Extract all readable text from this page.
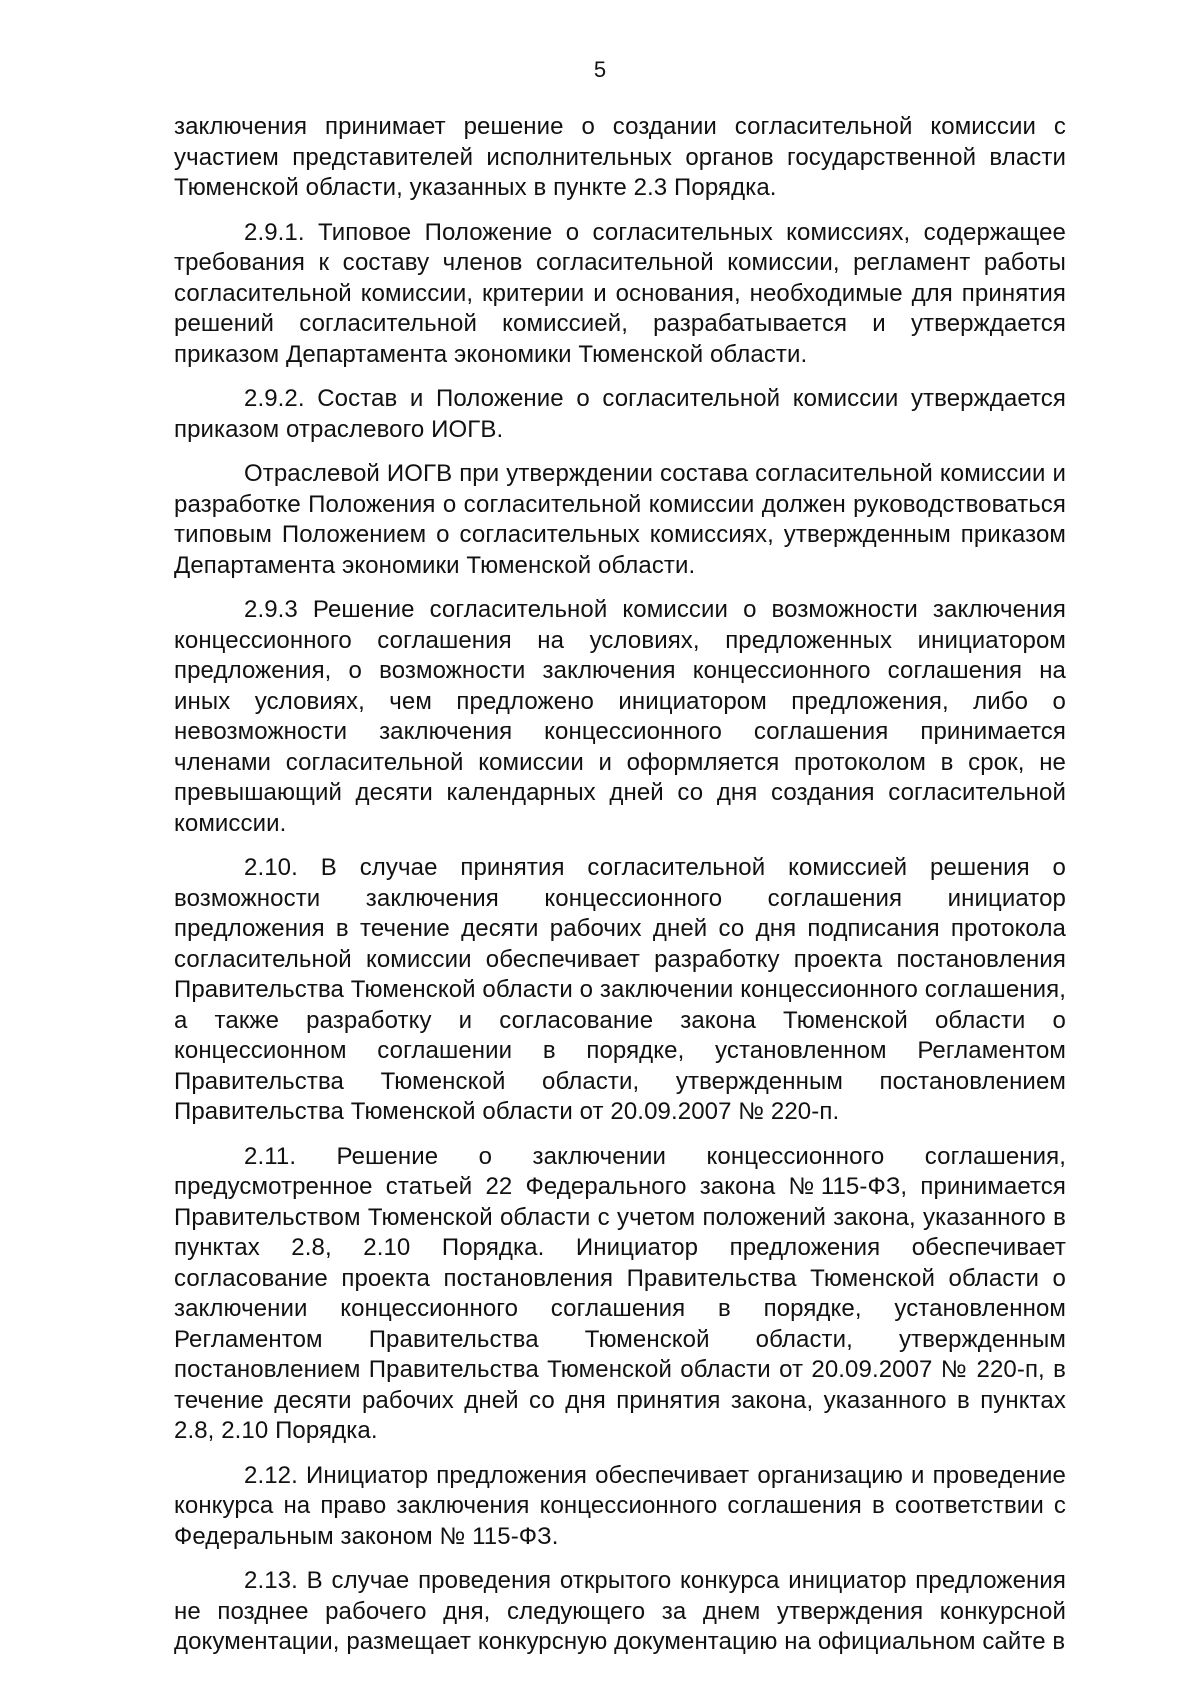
5

заключения принимает решение о создании согласительной комиссии с участием представителей исполнительных органов государственной власти Тюменской области, указанных в пункте 2.3 Порядка.

2.9.1. Типовое Положение о согласительных комиссиях, содержащее требования к составу членов согласительной комиссии, регламент работы согласительной комиссии, критерии и основания, необходимые для принятия решений согласительной комиссией, разрабатывается и утверждается приказом Департамента экономики Тюменской области.

2.9.2. Состав и Положение о согласительной комиссии утверждается приказом отраслевого ИОГВ.

Отраслевой ИОГВ при утверждении состава согласительной комиссии и разработке Положения о согласительной комиссии должен руководствоваться типовым Положением о согласительных комиссиях, утвержденным приказом Департамента экономики Тюменской области.

2.9.3 Решение согласительной комиссии о возможности заключения концессионного соглашения на условиях, предложенных инициатором предложения, о возможности заключения концессионного соглашения на иных условиях, чем предложено инициатором предложения, либо о невозможности заключения концессионного соглашения принимается членами согласительной комиссии и оформляется протоколом в срок, не превышающий десяти календарных дней со дня создания согласительной комиссии.

2.10. В случае принятия согласительной комиссией решения о возможности заключения концессионного соглашения инициатор предложения в течение десяти рабочих дней со дня подписания протокола согласительной комиссии обеспечивает разработку проекта постановления Правительства Тюменской области о заключении концессионного соглашения, а также разработку и согласование закона Тюменской области о концессионном соглашении в порядке, установленном Регламентом Правительства Тюменской области, утвержденным постановлением Правительства Тюменской области от 20.09.2007 № 220-п.

2.11. Решение о заключении концессионного соглашения, предусмотренное статьей 22 Федерального закона №115-ФЗ, принимается Правительством Тюменской области с учетом положений закона, указанного в пунктах 2.8, 2.10 Порядка. Инициатор предложения обеспечивает согласование проекта постановления Правительства Тюменской области о заключении концессионного соглашения в порядке, установленном Регламентом Правительства Тюменской области, утвержденным постановлением Правительства Тюменской области от 20.09.2007 № 220-п, в течение десяти рабочих дней со дня принятия закона, указанного в пунктах 2.8, 2.10 Порядка.

2.12. Инициатор предложения обеспечивает организацию и проведение конкурса на право заключения концессионного соглашения в соответствии с Федеральным законом № 115-ФЗ.

2.13. В случае проведения открытого конкурса инициатор предложения не позднее рабочего дня, следующего за днем утверждения конкурсной документации, размещает конкурсную документацию на официальном сайте в
